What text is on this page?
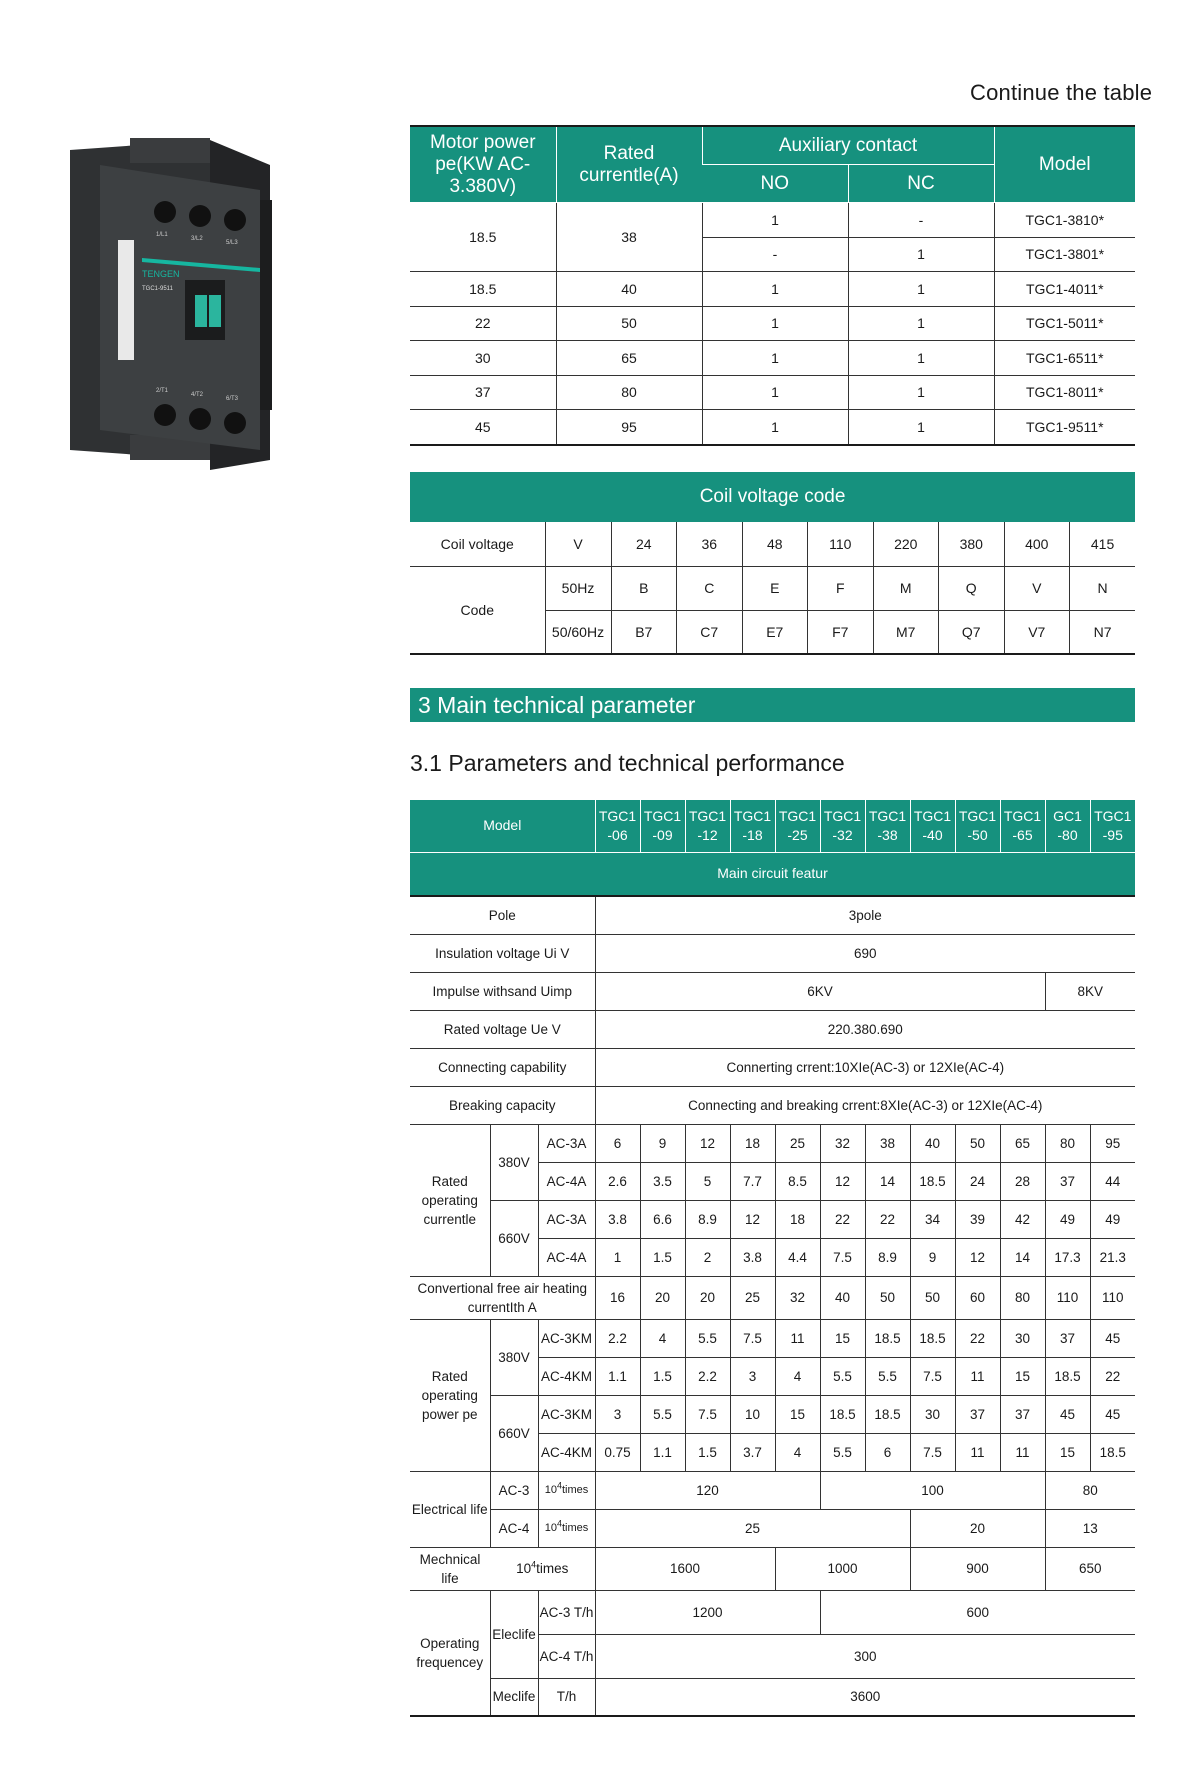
Continue the table
1/L1
3/L2
5/L3
2/T1
4/T2
6/T3
TENGEN
TGC1-9511
Motor power pe(KW AC-3.380V)	Rated currentle(A)	Auxiliary contact		Model
		NO	NC	
18.5	38	1	-	TGC1-3810*
		-	1	TGC1-3801*
18.5	40	1	1	TGC1-4011*
22	50	1	1	TGC1-5011*
30	65	1	1	TGC1-6511*
37	80	1	1	TGC1-8011*
45	95	1	1	TGC1-9511*
Coil voltage code									
Coil voltage	V	24	36	48	110	220	380	400	415
Code	50Hz	B	C	E	F	M	Q	V	N
	50/60Hz	B7	C7	E7	F7	M7	Q7	V7	N7
3 Main technical parameter
3.1 Parameters and technical performance
Model			TGC1 -06	TGC1 -09	TGC1 -12	TGC1 -18	TGC1 -25	TGC1 -32	TGC1 -38	TGC1 -40	TGC1 -50	TGC1 -65	GC1 -80	TGC1 -95
Main circuit featur														
Pole			3pole											
Insulation voltage Ui V			690											
Impulse withsand Uimp			6KV										8KV	
Rated voltage Ue V			220.380.690											
Connecting capability			Connerting crrent:10XIe(AC-3) or 12XIe(AC-4)											
Breaking capacity			Connecting and breaking crrent:8XIe(AC-3) or 12XIe(AC-4)											
Rated operating currentle	380V	AC-3A	6	9	12	18	25	32	38	40	50	65	80	95
		AC-4A	2.6	3.5	5	7.7	8.5	12	14	18.5	24	28	37	44
	660V	AC-3A	3.8	6.6	8.9	12	18	22	22	34	39	42	49	49
		AC-4A	1	1.5	2	3.8	4.4	7.5	8.9	9	12	14	17.3	21.3
Convertional free air heating currentIth A			16	20	20	25	32	40	50	50	60	80	110	110
Rated operating power pe	380V	AC-3KM	2.2	4	5.5	7.5	11	15	18.5	18.5	22	30	37	45
		AC-4KM	1.1	1.5	2.2	3	4	5.5	5.5	7.5	11	15	18.5	22
	660V	AC-3KM	3	5.5	7.5	10	15	18.5	18.5	30	37	37	45	45
		AC-4KM	0.75	1.1	1.5	3.7	4	5.5	6	7.5	11	11	15	18.5
Electrical life	AC-3	$10^4times$	120					100					80	
	AC-4	$10^4times$	25							20			13	
Mechnical life	$10^4times$		1600				1000			900			650	
Operating frequencey	Eleclife	AC-3 T/h	1200					600						
		AC-4 T/h	300											
	Meclife	T/h	3600											
